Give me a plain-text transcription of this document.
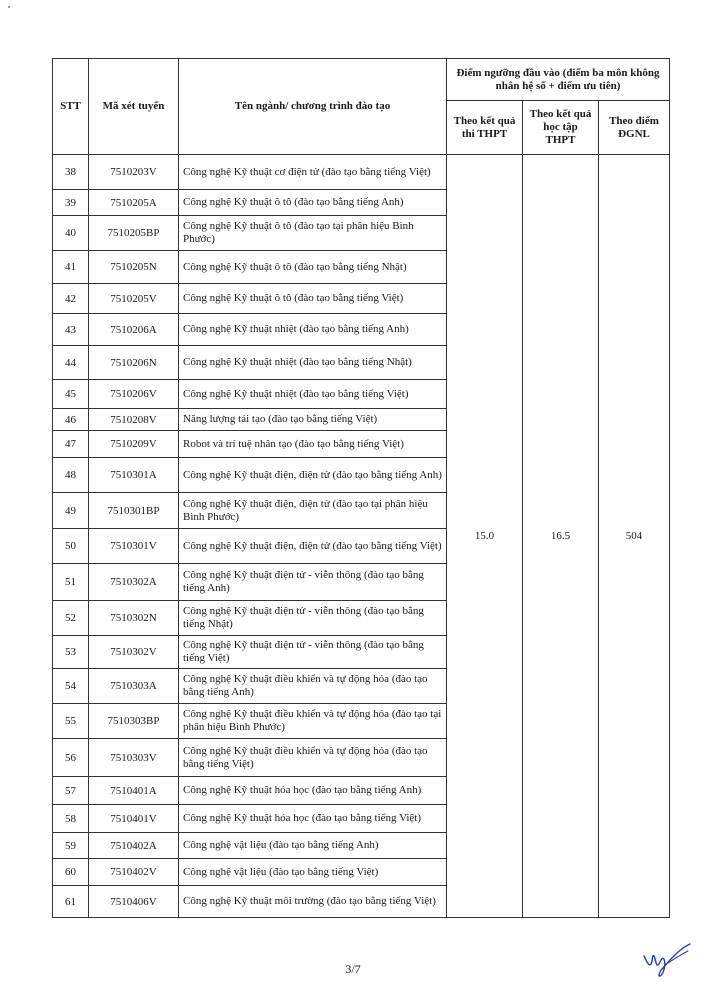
STT	Mã xét tuyển	Tên ngành/ chương trình đào tạo	Điểm ngưỡng đầu vào (điểm ba môn không nhân hệ số + điểm ưu tiên)		
			Theo kết quả thi THPT	Theo kết quả học tập THPT	Theo điểm ĐGNL
38	7510203V	Công nghệ Kỹ thuật cơ điện tử (đào tạo bằng tiếng Việt)	15.0	16.5	504
39	7510205A	Công nghệ Kỹ thuật ô tô (đào tạo bằng tiếng Anh)			
40	7510205BP	Công nghệ Kỹ thuật ô tô (đào tạo tại phân hiệu Bình Phước)			
41	7510205N	Công nghệ Kỹ thuật ô tô (đào tạo bằng tiếng Nhật)			
42	7510205V	Công nghệ Kỹ thuật ô tô (đào tạo bằng tiếng Việt)			
43	7510206A	Công nghệ Kỹ thuật nhiệt (đào tạo bằng tiếng Anh)			
44	7510206N	Công nghệ Kỹ thuật nhiệt (đào tạo bằng tiếng Nhật)			
45	7510206V	Công nghệ Kỹ thuật nhiệt (đào tạo bằng tiếng Việt)			
46	7510208V	Năng lượng tái tạo (đào tạo bằng tiếng Việt)			
47	7510209V	Robot và trí tuệ nhân tạo (đào tạo bằng tiếng Việt)			
48	7510301A	Công nghệ Kỹ thuật điện, điện tử (đào tạo bằng tiếng Anh)			
49	7510301BP	Công nghệ Kỹ thuật điện, điện tử (đào tạo tại phân hiệu Bình Phước)			
50	7510301V	Công nghệ Kỹ thuật điện, điện tử (đào tạo bằng tiếng Việt)			
51	7510302A	Công nghệ Kỹ thuật điện tử - viễn thông (đào tạo bằng tiếng Anh)			
52	7510302N	Công nghệ Kỹ thuật điện tử - viễn thông (đào tạo bằng tiếng Nhật)			
53	7510302V	Công nghệ Kỹ thuật điện tử - viễn thông (đào tạo bằng tiếng Việt)			
54	7510303A	Công nghệ Kỹ thuật điều khiển và tự động hóa (đào tạo bằng tiếng Anh)			
55	7510303BP	Công nghệ Kỹ thuật điều khiển và tự động hóa (đào tạo tại phân hiệu Bình Phước)			
56	7510303V	Công nghệ Kỹ thuật điều khiển và tự động hóa (đào tạo bằng tiếng Việt)			
57	7510401A	Công nghệ Kỹ thuật hóa học (đào tạo bằng tiếng Anh)			
58	7510401V	Công nghệ Kỹ thuật hóa học (đào tạo bằng tiếng Việt)			
59	7510402A	Công nghệ vật liệu (đào tạo bằng tiếng Anh)			
60	7510402V	Công nghệ vật liệu (đào tạo bằng tiếng Việt)			
61	7510406V	Công nghệ Kỹ thuật môi trường (đào tạo bằng tiếng Việt)			
3/7
